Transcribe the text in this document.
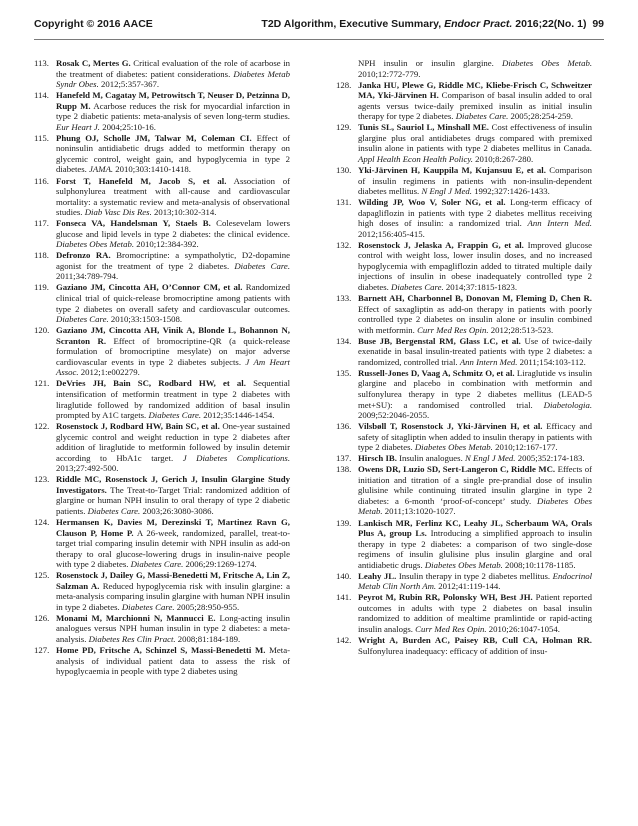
Copyright © 2016 AACE	T2D Algorithm, Executive Summary, Endocr Pract. 2016;22(No. 1) 99
113. Rosak C, Mertes G. Critical evaluation of the role of acarbose in the treatment of diabetes: patient considerations. Diabetes Metab Syndr Obes. 2012;5:357-367.
114. Hanefeld M, Cagatay M, Petrowitsch T, Neuser D, Petzinna D, Rupp M. Acarbose reduces the risk for myocardial infarction in type 2 diabetic patients: meta-analysis of seven long-term studies. Eur Heart J. 2004;25:10-16.
115. Phung OJ, Scholle JM, Talwar M, Coleman CI. Effect of noninsulin antidiabetic drugs added to metformin therapy on glycemic control, weight gain, and hypoglycemia in type 2 diabetes. JAMA. 2010;303:1410-1418.
116. Forst T, Hanefeld M, Jacob S, et al. Association of sulphonylurea treatment with all-cause and cardiovascular mortality: a systematic review and meta-analysis of observational studies. Diab Vasc Dis Res. 2013;10:302-314.
117. Fonseca VA, Handelsman Y, Staels B. Colesevelam lowers glucose and lipid levels in type 2 diabetes: the clinical evidence. Diabetes Obes Metab. 2010;12:384-392.
118. Defronzo RA. Bromocriptine: a sympatholytic, D2-dopamine agonist for the treatment of type 2 diabetes. Diabetes Care. 2011;34:789-794.
119. Gaziano JM, Cincotta AH, O’Connor CM, et al. Randomized clinical trial of quick-release bromocriptine among patients with type 2 diabetes on overall safety and cardiovascular outcomes. Diabetes Care. 2010;33:1503-1508.
120. Gaziano JM, Cincotta AH, Vinik A, Blonde L, Bohannon N, Scranton R. Effect of bromocriptine-QR (a quick-release formulation of bromocriptine mesylate) on major adverse cardiovascular events in type 2 diabetes subjects. J Am Heart Assoc. 2012;1:e002279.
121. DeVries JH, Bain SC, Rodbard HW, et al. Sequential intensification of metformin treatment in type 2 diabetes with liraglutide followed by randomized addition of basal insulin prompted by A1C targets. Diabetes Care. 2012;35:1446-1454.
122. Rosenstock J, Rodbard HW, Bain SC, et al. One-year sustained glycemic control and weight reduction in type 2 diabetes after addition of liraglutide to metformin followed by insulin detemir according to HbA1c target. J Diabetes Complications. 2013;27:492-500.
123. Riddle MC, Rosenstock J, Gerich J, Insulin Glargine Study Investigators. The Treat-to-Target Trial: randomized addition of glargine or human NPH insulin to oral therapy of type 2 diabetic patients. Diabetes Care. 2003;26:3080-3086.
124. Hermansen K, Davies M, Derezinski T, Martinez Ravn G, Clauson P, Home P. A 26-week, randomized, parallel, treat-to-target trial comparing insulin detemir with NPH insulin as add-on therapy to oral glucose-lowering drugs in insulin-naive people with type 2 diabetes. Diabetes Care. 2006;29:1269-1274.
125. Rosenstock J, Dailey G, Massi-Benedetti M, Fritsche A, Lin Z, Salzman A. Reduced hypoglycemia risk with insulin glargine: a meta-analysis comparing insulin glargine with human NPH insulin in type 2 diabetes. Diabetes Care. 2005;28:950-955.
126. Monami M, Marchionni N, Mannucci E. Long-acting insulin analogues versus NPH human insulin in type 2 diabetes: a meta-analysis. Diabetes Res Clin Pract. 2008;81:184-189.
127. Home PD, Fritsche A, Schinzel S, Massi-Benedetti M. Meta-analysis of individual patient data to assess the risk of hypoglycaemia in people with type 2 diabetes using
NPH insulin or insulin glargine. Diabetes Obes Metab. 2010;12:772-779.
128. Janka HU, Plewe G, Riddle MC, Kliebe-Frisch C, Schweitzer MA, Yki-Järvinen H. Comparison of basal insulin added to oral agents versus twice-daily premixed insulin as initial insulin therapy for type 2 diabetes. Diabetes Care. 2005;28:254-259.
129. Tunis SL, Sauriol L, Minshall ME. Cost effectiveness of insulin glargine plus oral antidiabetes drugs compared with premixed insulin alone in patients with type 2 diabetes mellitus in Canada. Appl Health Econ Health Policy. 2010;8:267-280.
130. Yki-Järvinen H, Kauppila M, Kujansuu E, et al. Comparison of insulin regimens in patients with non-insulin-dependent diabetes mellitus. N Engl J Med. 1992;327:1426-1433.
131. Wilding JP, Woo V, Soler NG, et al. Long-term efficacy of dapagliflozin in patients with type 2 diabetes mellitus receiving high doses of insulin: a randomized trial. Ann Intern Med. 2012;156:405-415.
132. Rosenstock J, Jelaska A, Frappin G, et al. Improved glucose control with weight loss, lower insulin doses, and no increased hypoglycemia with empagliflozin added to titrated multiple daily injections of insulin in obese inadequately controlled type 2 diabetes. Diabetes Care. 2014;37:1815-1823.
133. Barnett AH, Charbonnel B, Donovan M, Fleming D, Chen R. Effect of saxagliptin as add-on therapy in patients with poorly controlled type 2 diabetes on insulin alone or insulin combined with metformin. Curr Med Res Opin. 2012;28:513-523.
134. Buse JB, Bergenstal RM, Glass LC, et al. Use of twice-daily exenatide in basal insulin-treated patients with type 2 diabetes: a randomized, controlled trial. Ann Intern Med. 2011;154:103-112.
135. Russell-Jones D, Vaag A, Schmitz O, et al. Liraglutide vs insulin glargine and placebo in combination with metformin and sulfonylurea therapy in type 2 diabetes mellitus (LEAD-5 met+SU): a randomised controlled trial. Diabetologia. 2009;52:2046-2055.
136. Vilsbøll T, Rosenstock J, Yki-Järvinen H, et al. Efficacy and safety of sitagliptin when added to insulin therapy in patients with type 2 diabetes. Diabetes Obes Metab. 2010;12:167-177.
137. Hirsch IB. Insulin analogues. N Engl J Med. 2005;352:174-183.
138. Owens DR, Luzio SD, Sert-Langeron C, Riddle MC. Effects of initiation and titration of a single pre-prandial dose of insulin glulisine while continuing titrated insulin glargine in type 2 diabetes: a 6-month ‘proof-of-concept’ study. Diabetes Obes Metab. 2011;13:1020-1027.
139. Lankisch MR, Ferlinz KC, Leahy JL, Scherbaum WA, Orals Plus A, group Ls. Introducing a simplified approach to insulin therapy in type 2 diabetes: a comparison of two single-dose regimens of insulin glulisine plus insulin glargine and oral antidiabetic drugs. Diabetes Obes Metab. 2008;10:1178-1185.
140. Leahy JL. Insulin therapy in type 2 diabetes mellitus. Endocrinol Metab Clin North Am. 2012;41:119-144.
141. Peyrot M, Rubin RR, Polonsky WH, Best JH. Patient reported outcomes in adults with type 2 diabetes on basal insulin randomized to addition of mealtime pramlintide or rapid-acting insulin analogs. Curr Med Res Opin. 2010;26:1047-1054.
142. Wright A, Burden AC, Paisey RB, Cull CA, Holman RR. Sulfonylurea inadequacy: efficacy of addition of insu-
